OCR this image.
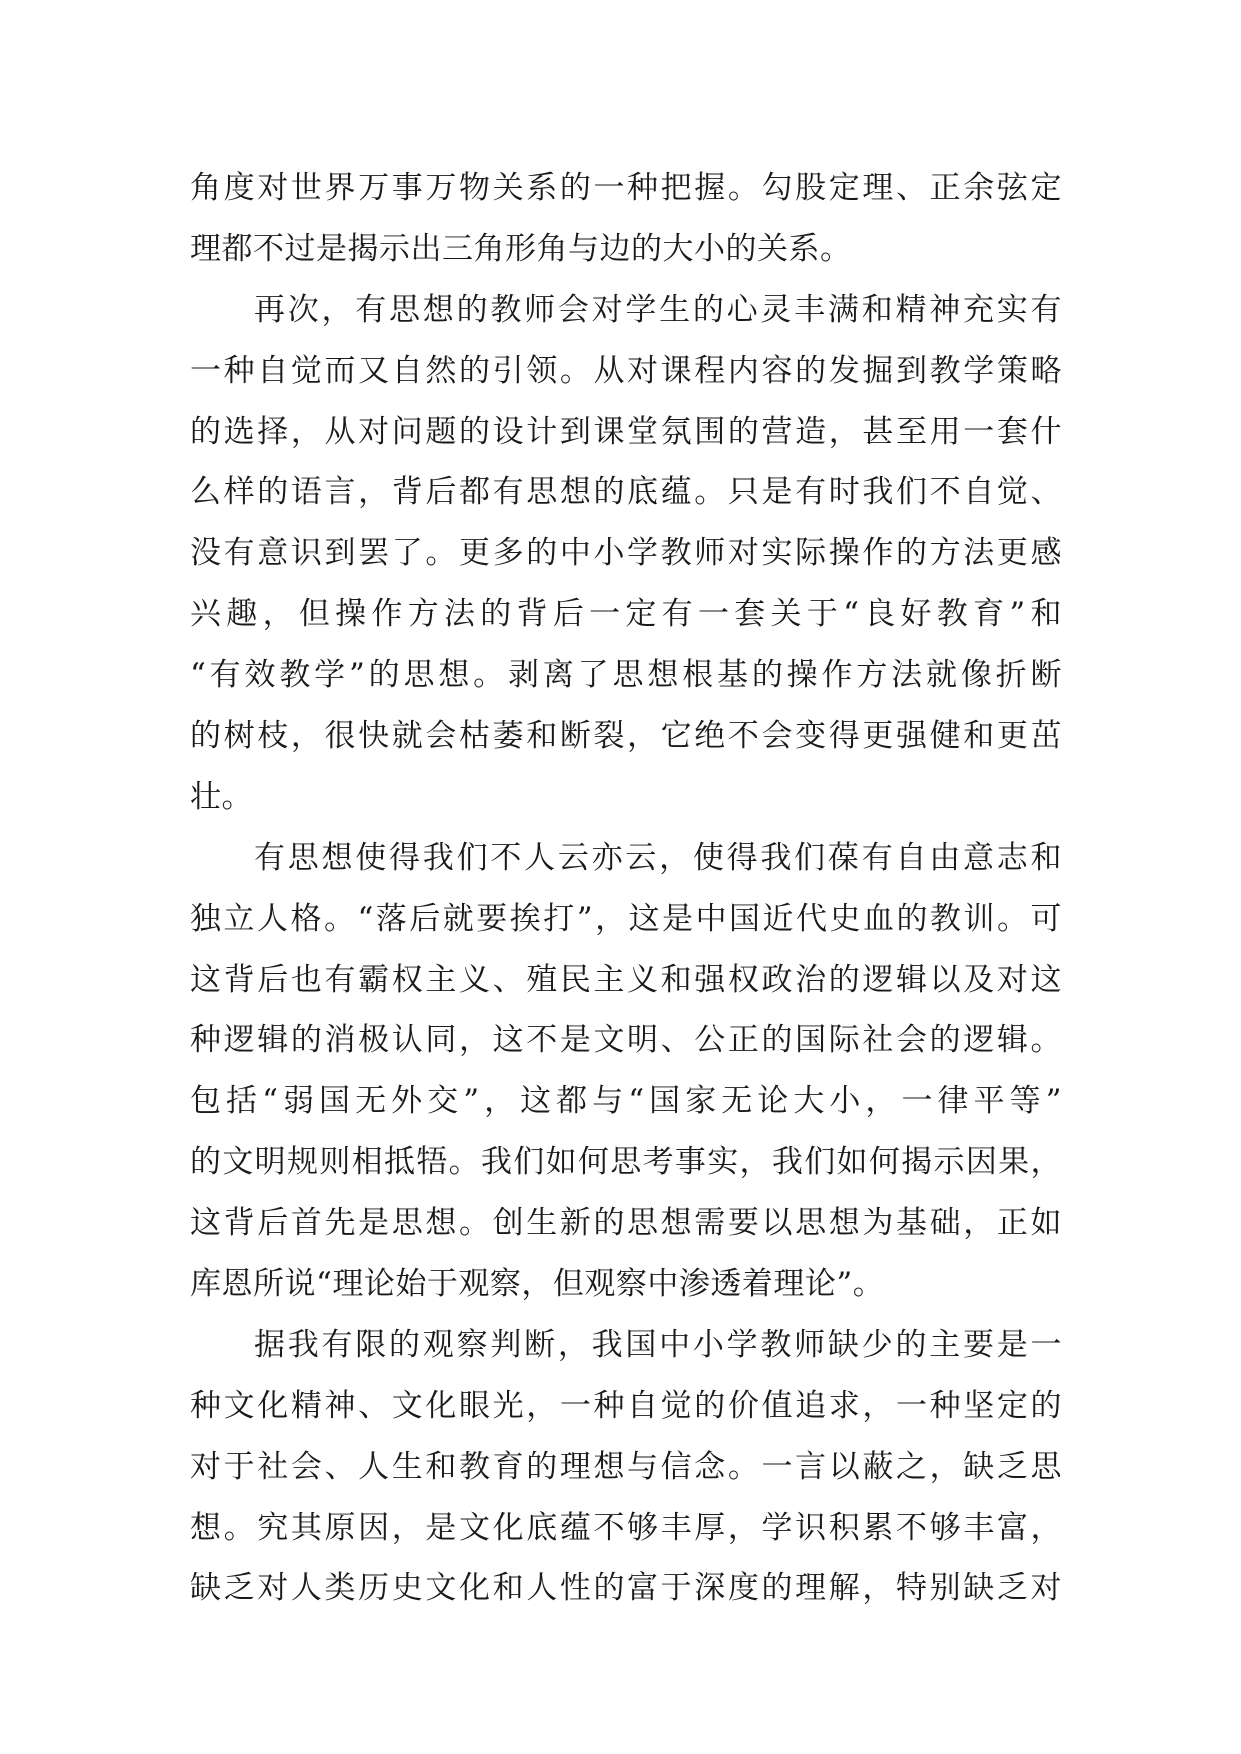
角度对世界万事万物关系的一种把握。勾股定理、正余弦定
理都不过是揭示出三角形角与边的大小的关系。
再次，有思想的教师会对学生的心灵丰满和精神充实有
一种自觉而又自然的引领。从对课程内容的发掘到教学策略
的选择，从对问题的设计到课堂氛围的营造，甚至用一套什
么样的语言，背后都有思想的底蕴。只是有时我们不自觉、
没有意识到罢了。更多的中小学教师对实际操作的方法更感
兴趣，但操作方法的背后一定有一套关于“良好教育”和
“有效教学”的思想。剥离了思想根基的操作方法就像折断
的树枝，很快就会枯萎和断裂，它绝不会变得更强健和更茁
壮。
有思想使得我们不人云亦云，使得我们葆有自由意志和
独立人格。“落后就要挨打”，这是中国近代史血的教训。可
这背后也有霸权主义、殖民主义和强权政治的逻辑以及对这
种逻辑的消极认同，这不是文明、公正的国际社会的逻辑。
包括“弱国无外交”，这都与“国家无论大小，一律平等”
的文明规则相抵牾。我们如何思考事实，我们如何揭示因果，
这背后首先是思想。创生新的思想需要以思想为基础，正如
库恩所说“理论始于观察，但观察中渗透着理论”。
据我有限的观察判断，我国中小学教师缺少的主要是一
种文化精神、文化眼光，一种自觉的价值追求，一种坚定的
对于社会、人生和教育的理想与信念。一言以蔽之，缺乏思
想。究其原因，是文化底蕴不够丰厚，学识积累不够丰富，
缺乏对人类历史文化和人性的富于深度的理解，特别缺乏对
